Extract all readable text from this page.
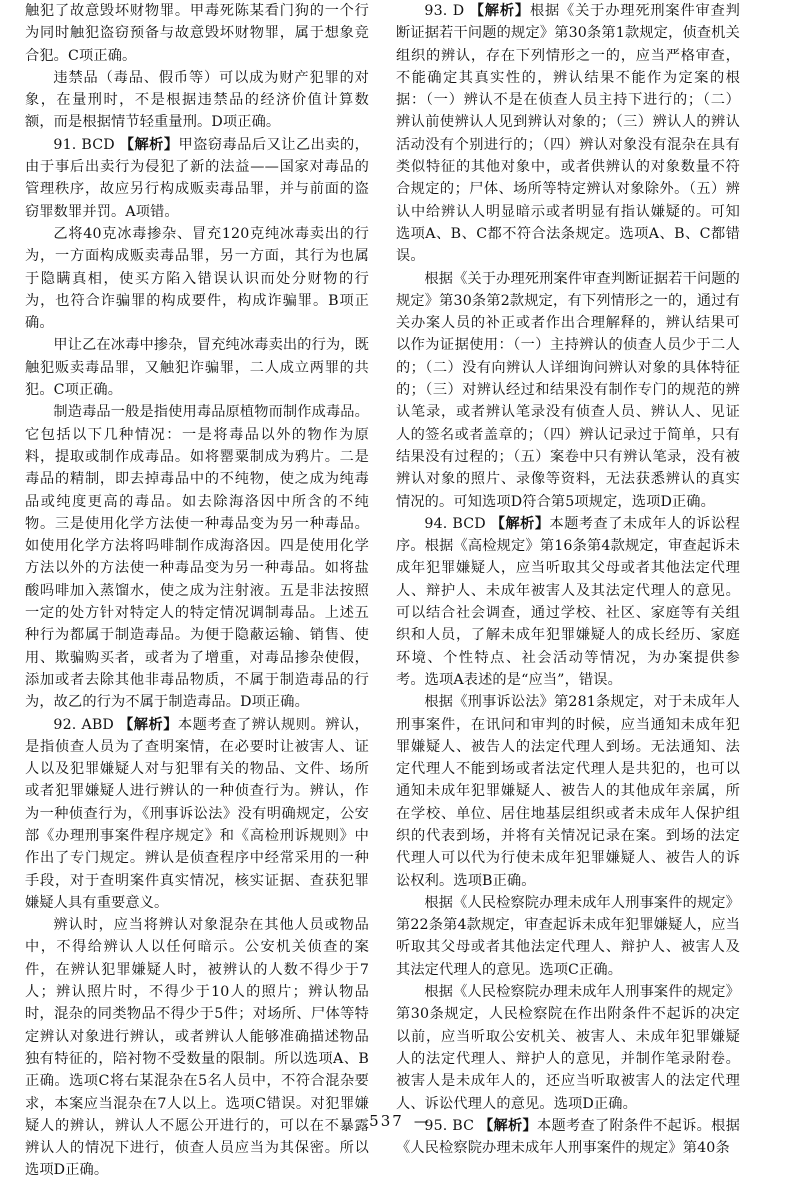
触犯了故意毁坏财物罪。甲毒死陈某看门狗的一个行为同时触犯盗窃预备与故意毁坏财物罪，属于想象竞合犯。C项正确。

违禁品（毒品、假币等）可以成为财产犯罪的对象，在量刑时，不是根据违禁品的经济价值计算数额，而是根据情节轻重量刑。D项正确。

91. BCD 【解析】甲盗窃毒品后又让乙出卖的，由于事后出卖行为侵犯了新的法益——国家对毒品的管理秩序，故应另行构成贩卖毒品罪，并与前面的盗窃罪数罪并罚。A项错。

乙将40克冰毒掺杂、冒充120克纯冰毒卖出的行为，一方面构成贩卖毒品罪，另一方面，其行为也属于隐瞒真相，使买方陷入错误认识而处分财物的行为，也符合诈骗罪的构成要件，构成诈骗罪。B项正确。

甲让乙在冰毒中掺杂，冒充纯冰毒卖出的行为，既触犯贩卖毒品罪，又触犯诈骗罪，二人成立两罪的共犯。C项正确。

制造毒品一般是指使用毒品原植物而制作成毒品。它包括以下几种情况：一是将毒品以外的物作为原料，提取或制作成毒品。如将罂粟制成为鸦片。二是毒品的精制，即去掉毒品中的不纯物，使之成为纯毒品或纯度更高的毒品。如去除海洛因中所含的不纯物。三是使用化学方法使一种毒品变为另一种毒品。如使用化学方法将吗啡制作成海洛因。四是使用化学方法以外的方法使一种毒品变为另一种毒品。如将盐酸吗啡加入蒸馏水，使之成为注射液。五是非法按照一定的处方针对特定人的特定情况调制毒品。上述五种行为都属于制造毒品。为便于隐蔽运输、销售、使用、欺骗购买者，或者为了增重，对毒品掺杂使假，添加或者去除其他非毒品物质，不属于制造毒品的行为，故乙的行为不属于制造毒品。D项正确。

92. ABD 【解析】本题考查了辨认规则。辨认，是指侦查人员为了查明案情，在必要时让被害人、证人以及犯罪嫌疑人对与犯罪有关的物品、文件、场所或者犯罪嫌疑人进行辨认的一种侦查行为。辨认，作为一种侦查行为，《刑事诉讼法》没有明确规定，公安部《办理刑事案件程序规定》和《高检刑诉规则》中作出了专门规定。辨认是侦查程序中经常采用的一种手段，对于查明案件真实情况，核实证据、查获犯罪嫌疑人具有重要意义。

辨认时，应当将辨认对象混杂在其他人员或物品中，不得给辨认人以任何暗示。公安机关侦查的案件，在辨认犯罪嫌疑人时，被辨认的人数不得少于7人；辨认照片时，不得少于10人的照片；辨认物品时，混杂的同类物品不得少于5件；对场所、尸体等特定辨认对象进行辨认，或者辨认人能够准确描述物品独有特征的，陪衬物不受数量的限制。所以选项A、B正确。选项C将右某混杂在5名人员中，不符合混杂要求，本案应当混杂在7人以上。选项C错误。对犯罪嫌疑人的辨认，辨认人不愿公开进行的，可以在不暴露辨认人的情况下进行，侦查人员应当为其保密。所以选项D正确。

93. D 【解析】根据《关于办理死刑案件审查判断证据若干问题的规定》第30条第1款规定，侦查机关组织的辨认，存在下列情形之一的，应当严格审查，不能确定其真实性的，辨认结果不能作为定案的根据：（一）辨认不是在侦查人员主持下进行的；（二）辨认前使辨认人见到辨认对象的；（三）辨认人的辨认活动没有个别进行的；（四）辨认对象没有混杂在具有类似特征的其他对象中，或者供辨认的对象数量不符合规定的；尸体、场所等特定辨认对象除外。（五）辨认中给辨认人明显暗示或者明显有指认嫌疑的。可知选项A、B、C都不符合法条规定。选项A、B、C都错误。

根据《关于办理死刑案件审查判断证据若干问题的规定》第30条第2款规定，有下列情形之一的，通过有关办案人员的补正或者作出合理解释的，辨认结果可以作为证据使用：（一）主持辨认的侦查人员少于二人的；（二）没有向辨认人详细询问辨认对象的具体特征的；（三）对辨认经过和结果没有制作专门的规范的辨认笔录，或者辨认笔录没有侦查人员、辨认人、见证人的签名或者盖章的；（四）辨认记录过于简单，只有结果没有过程的；（五）案卷中只有辨认笔录，没有被辨认对象的照片、录像等资料，无法获悉辨认的真实情况的。可知选项D符合第5项规定，选项D正确。

94. BCD 【解析】本题考查了未成年人的诉讼程序。根据《高检规定》第16条第4款规定，审查起诉未成年犯罪嫌疑人，应当听取其父母或者其他法定代理人、辩护人、未成年被害人及其法定代理人的意见。可以结合社会调查，通过学校、社区、家庭等有关组织和人员，了解未成年犯罪嫌疑人的成长经历、家庭环境、个性特点、社会活动等情况，为办案提供参考。选项A表述的是“应当”，错误。

根据《刑事诉讼法》第281条规定，对于未成年人刑事案件，在讯问和审判的时候，应当通知未成年犯罪嫌疑人、被告人的法定代理人到场。无法通知、法定代理人不能到场或者法定代理人是共犯的，也可以通知未成年犯罪嫌疑人、被告人的其他成年亲属，所在学校、单位、居住地基层组织或者未成年人保护组织的代表到场，并将有关情况记录在案。到场的法定代理人可以代为行使未成年犯罪嫌疑人、被告人的诉讼权利。选项B正确。

根据《人民检察院办理未成年人刑事案件的规定》第22条第4款规定，审查起诉未成年犯罪嫌疑人，应当听取其父母或者其他法定代理人、辩护人、被害人及其法定代理人的意见。选项C正确。

根据《人民检察院办理未成年人刑事案件的规定》第30条规定，人民检察院在作出附条件不起诉的决定以前，应当听取公安机关、被害人、未成年犯罪嫌疑人的法定代理人、辩护人的意见，并制作笔录附卷。被害人是未成年人的，还应当听取被害人的法定代理人、诉讼代理人的意见。选项D正确。

95. BC 【解析】本题考查了附条件不起诉。根据《人民检察院办理未成年人刑事案件的规定》第40条

537 —
